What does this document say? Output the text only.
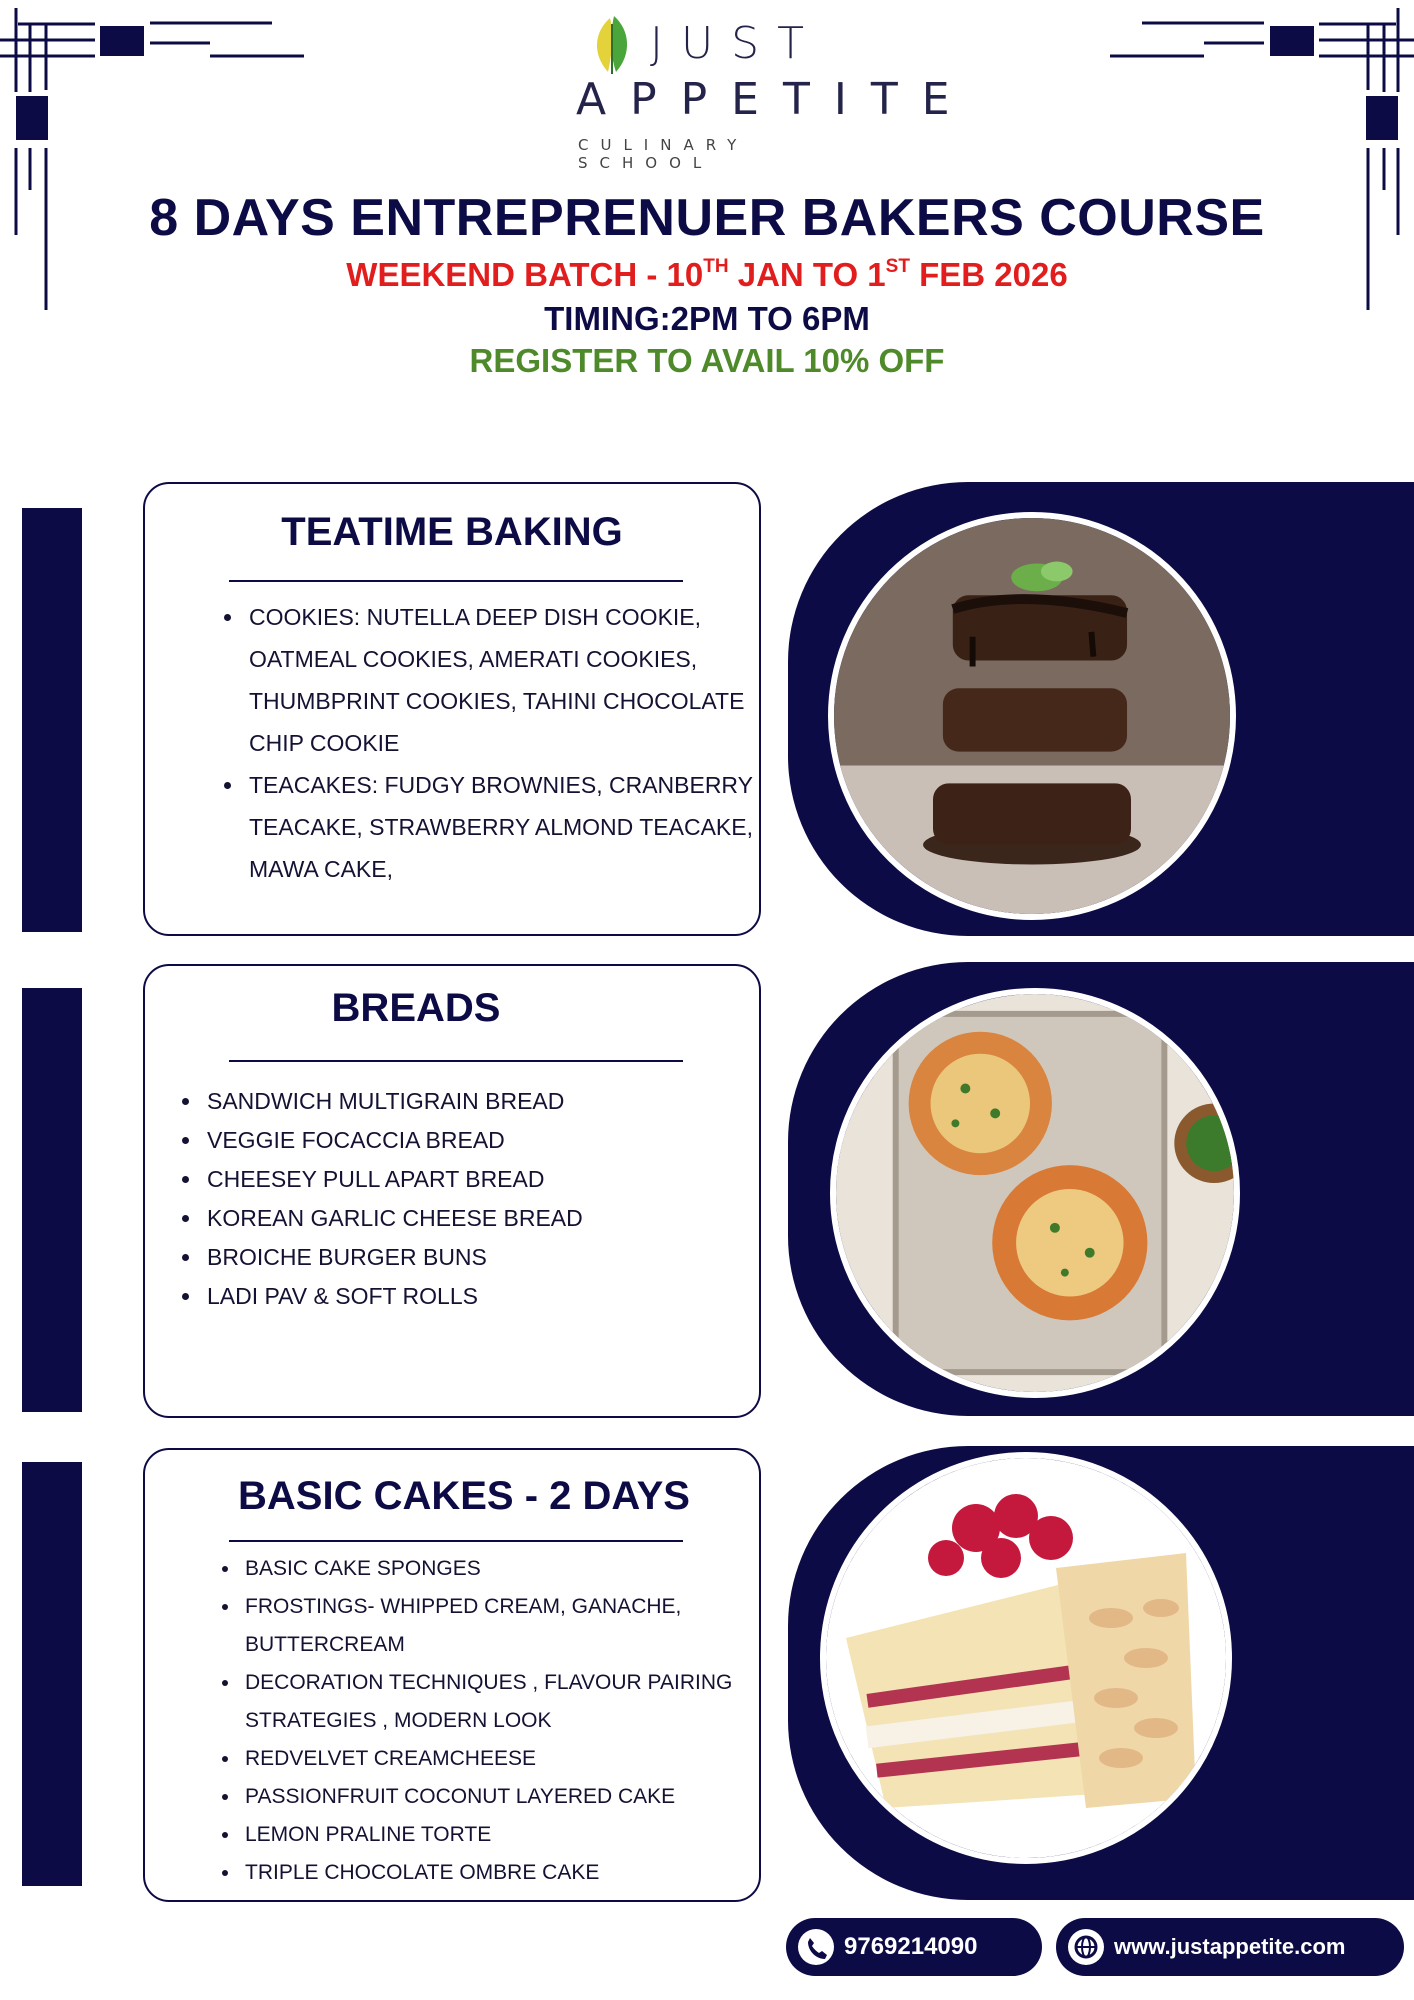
JUST
APPETITE
CULINARY SCHOOL
8 DAYS ENTREPRENUER BAKERS COURSE
WEEKEND BATCH - 10TH JAN TO 1ST FEB 2026
TIMING:2PM TO 6PM
REGISTER TO AVAIL 10% OFF
TEATIME BAKING
• COOKIES: NUTELLA DEEP DISH COOKIE, OATMEAL COOKIES, AMERATI COOKIES, THUMBPRINT COOKIES, TAHINI CHOCOLATE CHIP COOKIE
• TEACAKES: FUDGY BROWNIES, CRANBERRY TEACAKE, STRAWBERRY ALMOND TEACAKE, MAWA CAKE,
BREADS
• SANDWICH MULTIGRAIN BREAD
• VEGGIE FOCACCIA BREAD
• CHEESEY PULL APART BREAD
• KOREAN GARLIC CHEESE BREAD
• BROICHE BURGER BUNS
• LADI PAV & SOFT ROLLS
BASIC CAKES - 2 DAYS
• BASIC CAKE SPONGES
• FROSTINGS- WHIPPED CREAM, GANACHE, BUTTERCREAM
• DECORATION TECHNIQUES , FLAVOUR PAIRING STRATEGIES , MODERN LOOK
• REDVELVET CREAMCHEESE
• PASSIONFRUIT COCONUT LAYERED CAKE
• LEMON PRALINE TORTE
• TRIPLE CHOCOLATE OMBRE CAKE
9769214090	www.justappetite.com
